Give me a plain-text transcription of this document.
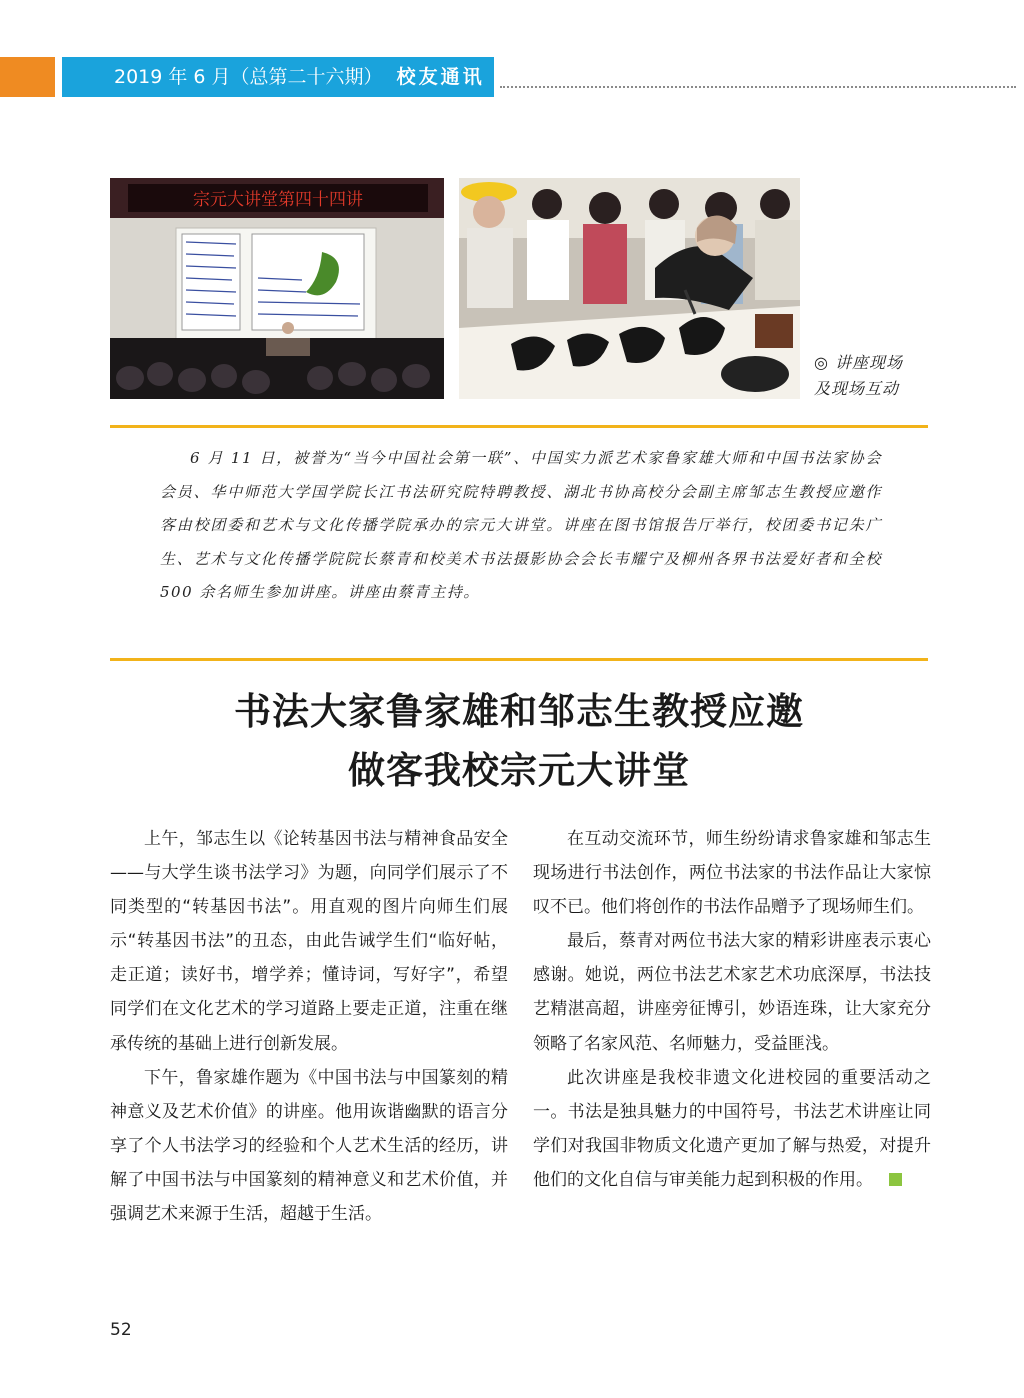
2019 年 6 月（总第二十六期） 校友通讯
宗元大讲堂第四十四讲
◎ 讲座现场
及现场互动

6 月 11 日，被誉为“当今中国社会第一联”、中国实力派艺术家鲁家雄大师和中国书法家协会会员、华中师范大学国学院长江书法研究院特聘教授、湖北书协高校分会副主席邹志生教授应邀作客由校团委和艺术与文化传播学院承办的宗元大讲堂。讲座在图书馆报告厅举行，校团委书记朱广生、艺术与文化传播学院院长蔡青和校美术书法摄影协会会长韦耀宁及柳州各界书法爱好者和全校 500 余名师生参加讲座。讲座由蔡青主持。

书法大家鲁家雄和邹志生教授应邀
做客我校宗元大讲堂

上午，邹志生以《论转基因书法与精神食品安全——与大学生谈书法学习》为题，向同学们展示了不同类型的“转基因书法”。用直观的图片向师生们展示“转基因书法”的丑态，由此告诫学生们“临好帖，走正道；读好书，增学养；懂诗词，写好字”，希望同学们在文化艺术的学习道路上要走正道，注重在继承传统的基础上进行创新发展。

下午，鲁家雄作题为《中国书法与中国篆刻的精神意义及艺术价值》的讲座。他用诙谐幽默的语言分享了个人书法学习的经验和个人艺术生活的经历，讲解了中国书法与中国篆刻的精神意义和艺术价值，并强调艺术来源于生活，超越于生活。

在互动交流环节，师生纷纷请求鲁家雄和邹志生现场进行书法创作，两位书法家的书法作品让大家惊叹不已。他们将创作的书法作品赠予了现场师生们。

最后，蔡青对两位书法大家的精彩讲座表示衷心感谢。她说，两位书法艺术家艺术功底深厚，书法技艺精湛高超，讲座旁征博引，妙语连珠，让大家充分领略了名家风范、名师魅力，受益匪浅。

此次讲座是我校非遗文化进校园的重要活动之一。书法是独具魅力的中国符号，书法艺术讲座让同学们对我国非物质文化遗产更加了解与热爱，对提升他们的文化自信与审美能力起到积极的作用。

52
